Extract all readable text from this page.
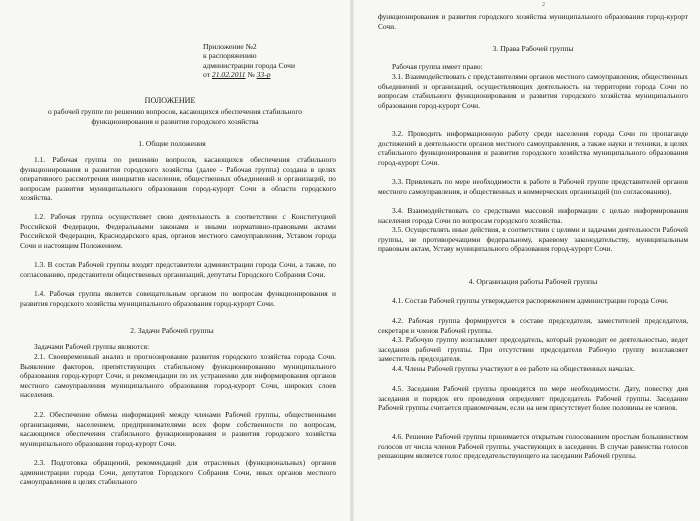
Приложение №2
к распоряжению
администрации города Сочи
от 21.02.2011 № 33-р
ПОЛОЖЕНИЕ
о рабочей группе по решению вопросов, касающихся обеспечения стабильного
функционирования и развития городского хозяйства
1. Общие положения

1.1. Рабочая группа по решению вопросов, касающихся обеспечения стабильного функционирования и развития городского хозяйства (далее - Рабочая группа) создана в целях оперативного рассмотрения инициатив населения, общественных объединений и организаций, по вопросам развития муниципального образования город-курорт Сочи в области городского хозяйства.

1.2. Рабочая группа осуществляет свою деятельность в соответствии с Конституцией Российской Федерации, Федеральными законами и иными нормативно-правовыми актами Российской Федерации, Краснодарского края, органов местного самоуправления, Уставом города Сочи и настоящим Положением.

1.3. В состав Рабочей группы входят представители администрации города Сочи, а также, по согласованию, представители общественных организаций, депутаты Городского Собрания Сочи.

1.4. Рабочая группа является совещательным органом по вопросам функционирования и развития городского хозяйства муниципального образования город-курорт Сочи.

2. Задачи Рабочей группы

Задачами Рабочей группы являются:

2.1. Своевременный анализ и прогнозирование развития городского хозяйства города Сочи. Выявление факторов, препятствующих стабильному функционированию муниципального образования город-курорт Сочи, и рекомендации по их устранению для информирования органов местного самоуправления муниципального образования город-курорт Сочи, широких слоев населения.

2.2. Обеспечение обмена информацией между членами Рабочей группы, общественными организациями, населением, предпринимателями всех форм собственности по вопросам, касающимся обеспечения стабильного функционирования и развития городского хозяйства муниципального образования город-курорт Сочи.

2.3. Подготовка обращений, рекомендаций для отраслевых (функциональных) органов администрации города Сочи, депутатов Городского Собрания Сочи, иных органов местного самоуправления в целях стабильного

2

функционирования и развития городского хозяйства муниципального образования город-курорт Сочи.

3. Права Рабочей группы

Рабочая группа имеет право:

3.1. Взаимодействовать с представителями органов местного самоуправления, общественных объединений и организаций, осуществляющих деятельность на территории города Сочи по вопросам стабильного функционирования и развития городского хозяйства муниципального образования город-курорт Сочи.

3.2. Проводить информационную работу среди населения города Сочи по пропаганде достижений в деятельности органов местного самоуправления, а также науки и техники, в целях стабильного функционирования и развития городского хозяйства муниципального образования город-курорт Сочи.

3.3. Привлекать по мере необходимости к работе в Рабочей группе представителей органов местного самоуправления, и общественных и коммерческих организаций (по согласованию).

3.4. Взаимодействовать со средствами массовой информации с целью информирования населения города Сочи по вопросам городского хозяйства.

3.5. Осуществлять иные действия, в соответствии с целями и задачами деятельности Рабочей группы, не противоречащими федеральному, краевому законодательству, муниципальным правовым актам, Уставу муниципального образования город-курорт Сочи.

4. Организация работы Рабочей группы

4.1. Состав Рабочей группы утверждается распоряжением администрации города Сочи.

4.2. Рабочая группа формируется в составе председателя, заместителей председателя, секретаря и членов Рабочей группы.

4.3. Рабочую группу возглавляет председатель, который руководит ее деятельностью, ведет заседания рабочей группы. При отсутствии председателя Рабочую группу возглавляет заместитель председателя.

4.4. Члены Рабочей группы участвуют в ее работе на общественных началах.

4.5. Заседания Рабочей группы проводятся по мере необходимости. Дату, повестку дня заседания и порядок его проведения определяет председатель Рабочей группы. Заседание Рабочей группы считается правомочным, если на нем присутствует более половины ее членов.

4.6. Решение Рабочей группы принимается открытым голосованием простым большинством голосов от числа членов Рабочей группы, участвующих в заседании. В случае равенства голосов решающим является голос председательствующего на заседании Рабочей группы.
